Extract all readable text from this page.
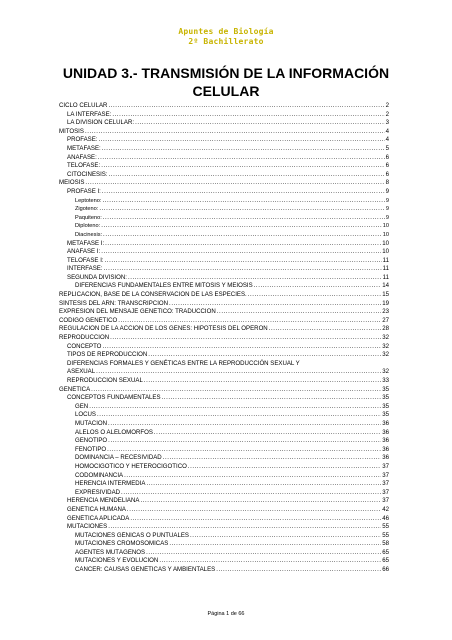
Apuntes de Biología
2º Bachillerato
UNIDAD 3.- TRANSMISIÓN DE LA INFORMACIÓN
CELULAR
CICLO CELULAR .....	2
LA INTERFASE: .....	2
LA DIVISIÓN CELULAR: .....	3
MITOSIS .....	4
PROFASE: .....	4
METAFASE: .....	5
ANAFASE: .....	6
TELOFASE: .....	6
CITOCINESIS: .....	6
MEIOSIS .....	8
PROFASE I: .....	9
Leptoteno: .....	9
Zigoteno: .....	9
Paquiteno: .....	9
Diploteno: .....	10
Diacinesis: .....	10
METAFASE I: .....	10
ANAFASE I: .....	10
TELOFASE I: .....	11
INTERFASE: .....	11
SEGUNDA DIVISIÓN: .....	11
DIFERENCIAS FUNDAMENTALES ENTRE MITOSIS Y MEIOSIS .....	14
REPLICACIÓN, BASE DE LA CONSERVACIÓN DE LAS ESPECIES. .....	15
SÍNTESIS DEL ARN: TRANSCRIPCIÓN .....	19
EXPRESIÓN DEL MENSAJE GENÉTICO: TRADUCCIÓN .....	23
CÓDIGO GENÉTICO .....	27
REGULACIÓN DE LA ACCIÓN DE LOS GENES: HIPÓTESIS DEL OPERÓN .....	28
REPRODUCCIÓN .....	32
CONCEPTO .....	32
TIPOS DE REPRODUCCIÓN .....	32
DIFERENCIAS FORMALES Y GENÉTICAS ENTRE LA REPRODUCCIÓN SEXUAL Y
ASEXUAL .....	32
REPRODUCCIÓN SEXUAL .....	33
GENÉTICA .....	35
CONCEPTOS FUNDAMENTALES .....	35
GEN .....	35
LOCUS .....	35
MUTACIÓN .....	36
ALELOS O ALELOMORFOS .....	36
GENOTIPO .....	36
FENOTIPO .....	36
DOMINANCIA – RECESIVIDAD .....	36
HOMOCIGÓTICO Y HETEROCIGÓTICO .....	37
CODOMINANCIA .....	37
HERENCIA INTERMEDIA .....	37
EXPRESIVIDAD .....	37
HERENCIA MENDELIANA .....	37
GENÉTICA HUMANA .....	42
GENÉTICA APLICADA .....	46
MUTACIONES .....	55
MUTACIONES GÉNICAS O PUNTUALES .....	55
MUTACIONES CROMOSÓMICAS .....	58
AGENTES MUTÁGENOS .....	65
MUTACIONES Y EVOLUCIÓN .....	65
CÁNCER: CAUSAS GENÉTICAS Y AMBIENTALES .....	66
Página 1 de 66
